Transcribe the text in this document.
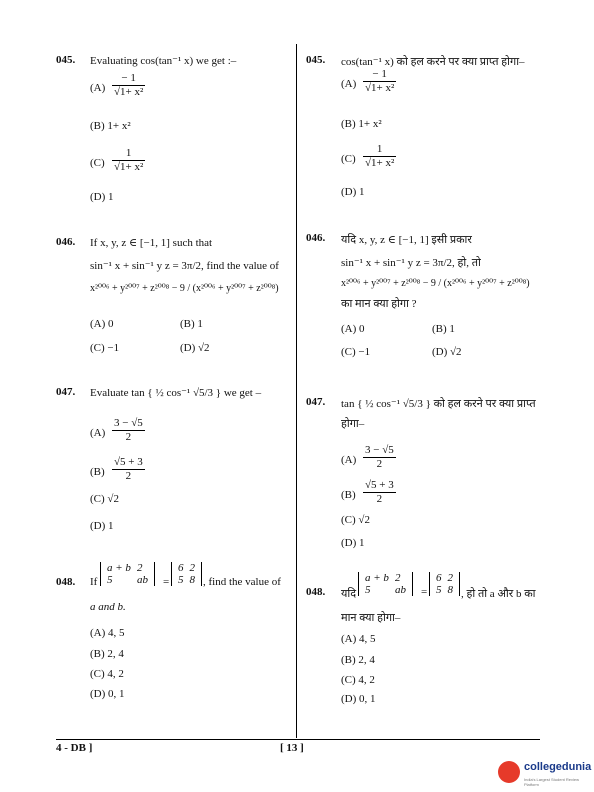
045. Evaluating cos(tan⁻¹ x) we get :–
$(A) \frac{- 1}{\text{√1+ x²}}$
(B) 1+ x²
$(C) \frac{1}{\text{√1+ x²}}$
(D) 1
046. If x, y, z ∈ [−1, 1] such that
sin⁻¹ x + sin⁻¹ y z = 3π/2, find the value of
x²⁰⁰⁶ + y²⁰⁰⁷ + z²⁰⁰⁸ − 9 / (x²⁰⁰⁶ + y²⁰⁰⁷ + z²⁰⁰⁸)
(A) 0	(B) 1
(C) −1	(D) √2
047. Evaluate tan { ½ cos⁻¹ √5/3 } we get –
$(A) \frac{3 - √5}{2}$
$(B) \frac{√5 + 3}{2}$
(C) √2
(D) 1
048. If
a + b	2
5	ab =
6	2
5	8 , find the value of
a and b.
(A) 4, 5
(B) 2, 4
(C) 4, 2
(D) 0, 1
045. cos(tan⁻¹ x) को हल करने पर क्या प्राप्त होगा–
$(A) \frac{- 1}{\text{√1+ x²}}$
(B) 1+ x²
$(C) \frac{1}{\text{√1+ x²}}$
(D) 1
046. यदि x, y, z ∈ [−1, 1] इसी प्रकार
sin⁻¹ x + sin⁻¹ y z = 3π/2, हो, तो
x²⁰⁰⁶ + y²⁰⁰⁷ + z²⁰⁰⁸ − 9 / (x²⁰⁰⁶ + y²⁰⁰⁷ + z²⁰⁰⁸)
का मान क्या होगा ?
(A) 0	(B) 1
(C) −1	(D) √2
047. tan { ½ cos⁻¹ √5/3 } को हल करने पर क्या प्राप्त
होगा–
$(A) \frac{3 - √5}{2}$
$(B) \frac{√5 + 3}{2}$
(C) √2
(D) 1
048. यदि
a + b	2
5	ab =
6	2
5	8 , हो तो a और b का
मान क्या होगा–
(A) 4, 5
(B) 2, 4
(C) 4, 2
(D) 0, 1
4 - DB ]	[ 13 ]
collegedunia
India's Largest Student Review Platform
